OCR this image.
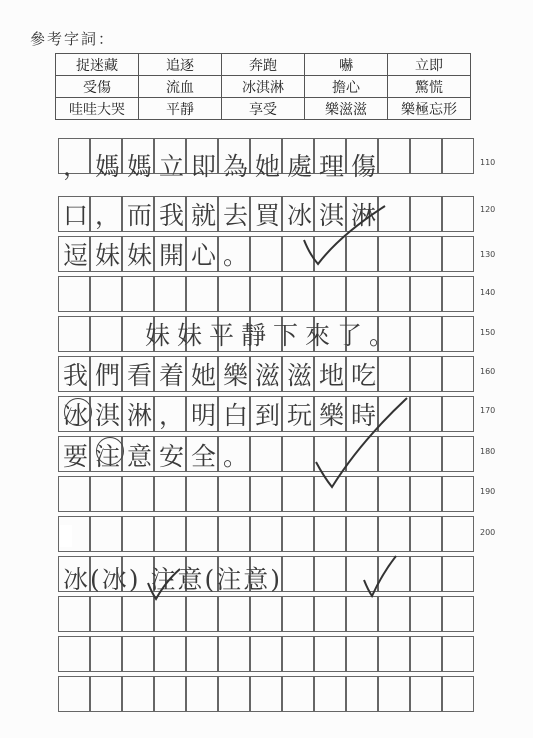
參考字詞：
捉迷藏	追逐	奔跑	嚇	立即
受傷	流血	冰淇淋	擔心	驚慌
哇哇大哭	平靜	享受	樂滋滋	樂極忘形
110
120
130
140
150
160
170
180
190
200
，媽媽立即為她處理傷
口，而我就去買冰淇淋
逗妹妹開心。
妹妹平靜下來了。
我們看着她樂滋滋地吃
冰淇淋，明白到玩樂時
要注意安全。
冰(冰) 注意(注意)
